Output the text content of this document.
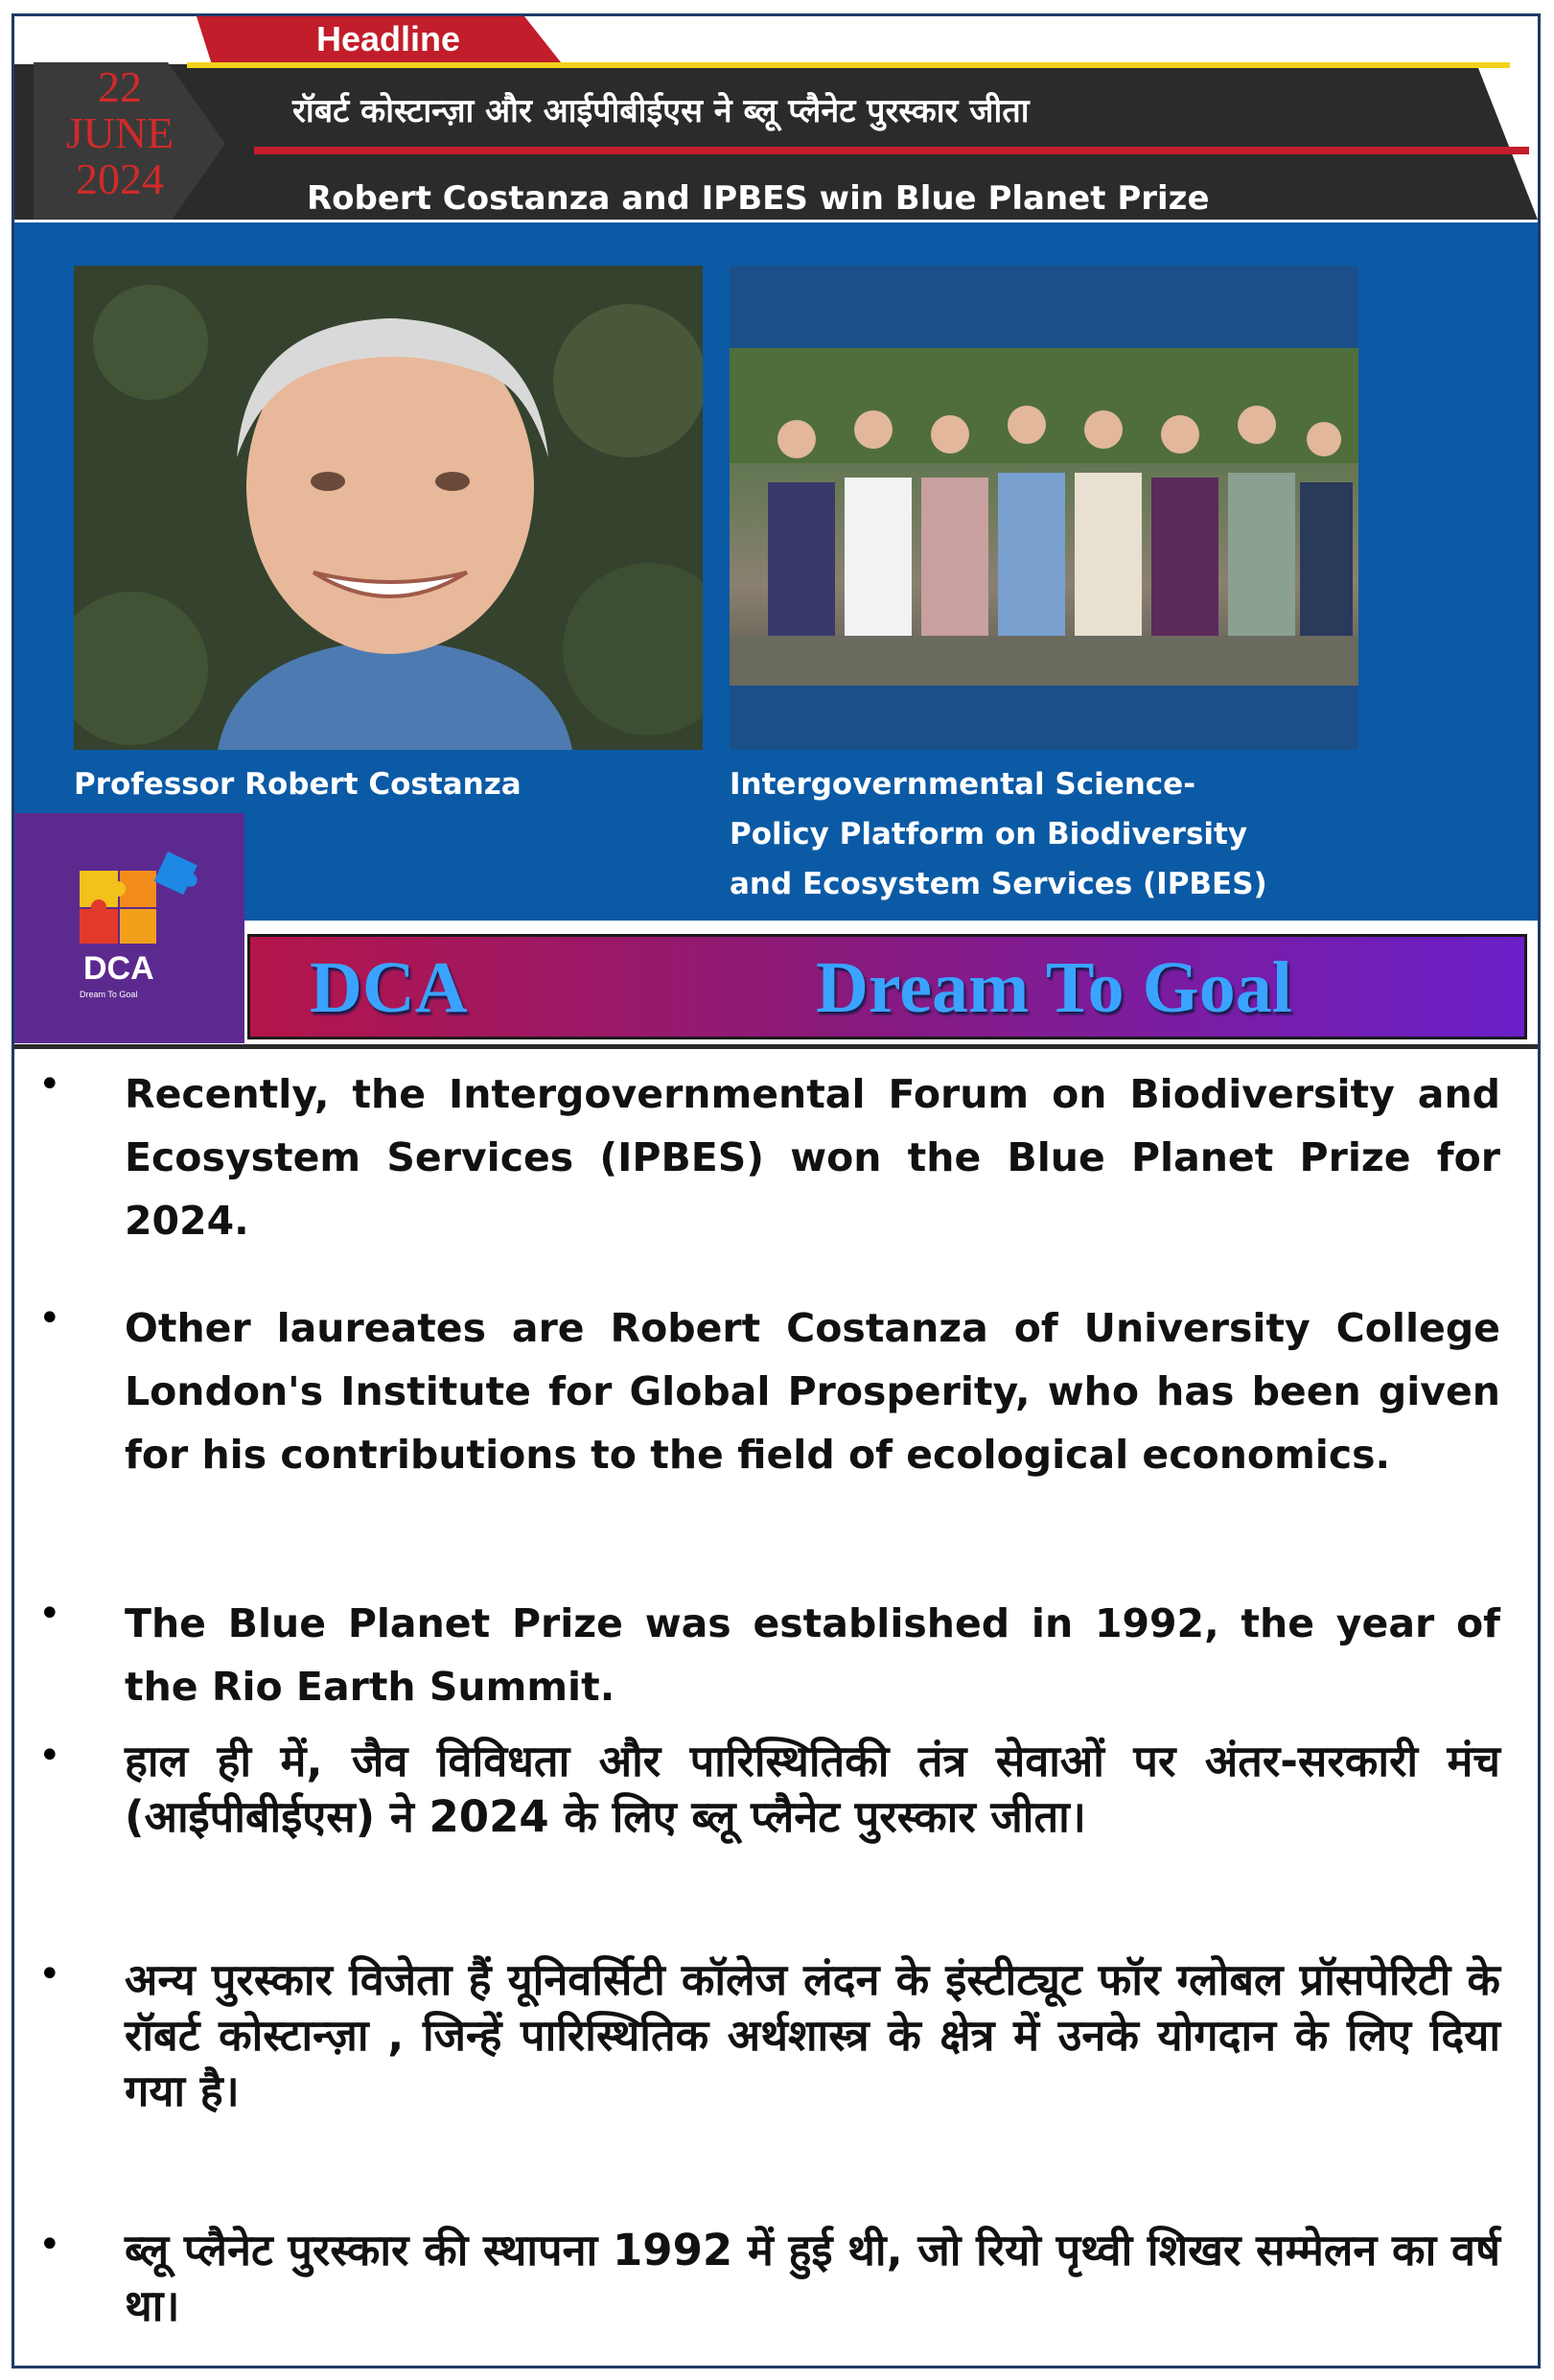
Headline
22
JUNE
2024
रॉबर्ट कोस्टान्ज़ा और आईपीबीईएस ने ब्लू प्लैनेट पुरस्कार जीता
Robert Costanza and IPBES win Blue Planet Prize
Professor Robert Costanza	Intergovernmental Science-
Policy Platform on Biodiversity
and Ecosystem Services (IPBES)
DCA
Dream To Goal DCA	Dream To Goal
•	Recently, the Intergovernmental Forum on Biodiversity and Ecosystem Services (IPBES) won the Blue Planet Prize for 2024.
•	Other laureates are Robert Costanza of University College London's Institute for Global Prosperity, who has been given for his contributions to the field of ecological economics.
•	The Blue Planet Prize was established in 1992, the year of the Rio Earth Summit.
•	हाल ही में, जैव विविधता और पारिस्थितिकी तंत्र सेवाओं पर अंतर-सरकारी मंच (आईपीबीईएस) ने 2024 के लिए ब्लू प्लैनेट पुरस्कार जीता।
•	अन्य पुरस्कार विजेता हैं यूनिवर्सिटी कॉलेज लंदन के इंस्टीट्यूट फॉर ग्लोबल प्रॉसपेरिटी के रॉबर्ट कोस्टान्ज़ा , जिन्हें पारिस्थितिक अर्थशास्त्र के क्षेत्र में उनके योगदान के लिए दिया गया है।
•	ब्लू प्लैनेट पुरस्कार की स्थापना 1992 में हुई थी, जो रियो पृथ्वी शिखर सम्मेलन का वर्ष था।
